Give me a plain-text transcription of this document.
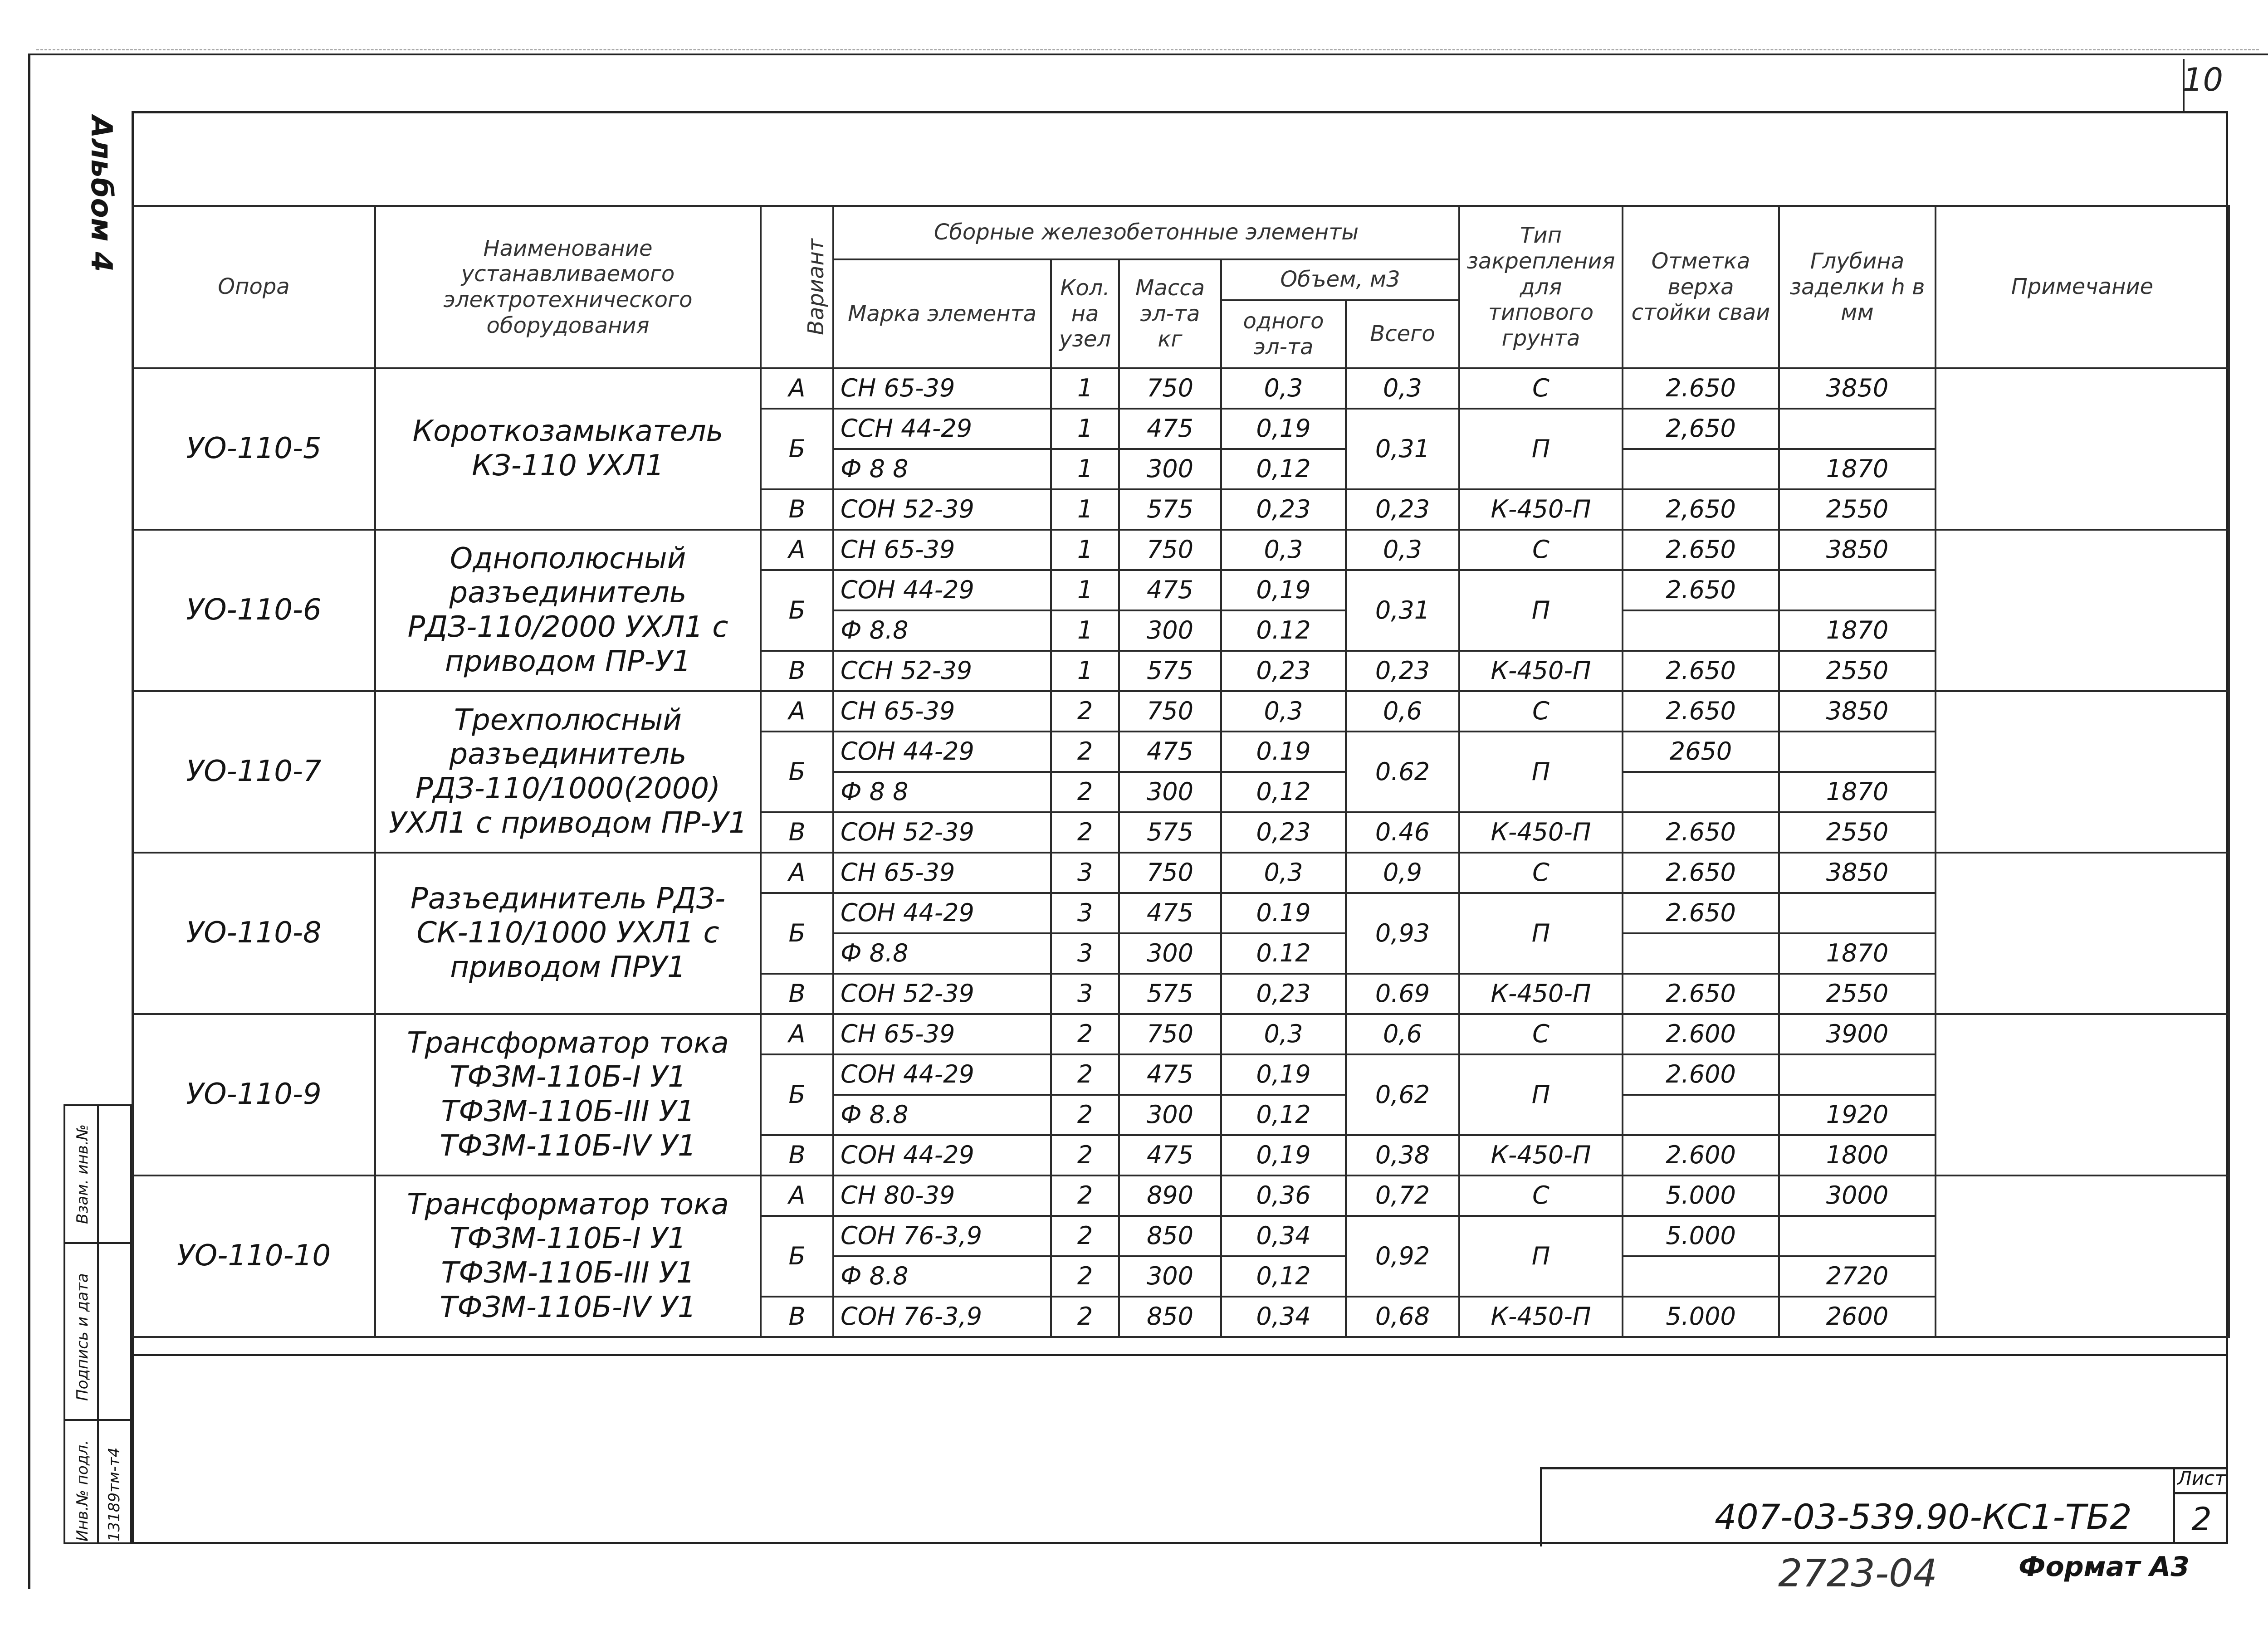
10
Альбом 4
Опора	Наименование устанавливаемого электротехнического оборудования	Вариант	Сборные железобетонные элементы					Тип закрепления для типового грунта	Отметка верха стойки сваи	Глубина заделки h в мм	Примечание
			Марка элемента	Кол. на узел	Масса эл-та кг	Объем, м3					
						одного эл-та	Всего				
УО-110-5	Короткозамыкатель КЗ-110 УХЛ1	А	СН 65-39	1	750	0,3	0,3	С	2.650	3850	
		Б	ССН 44-29	1	475	0,19	0,31	П	2,650		
			Ф 8 8	1	300	0,12				1870	
		В	СОН 52-39	1	575	0,23	0,23	К-450-П	2,650	2550	
УО-110-6	Однополюсный разъединитель РДЗ-110/2000 УХЛ1 с приводом ПР-У1	А	СН 65-39	1	750	0,3	0,3	С	2.650	3850	
		Б	СОН 44-29	1	475	0,19	0,31	П	2.650		
			Ф 8.8	1	300	0.12				1870	
		В	ССН 52-39	1	575	0,23	0,23	К-450-П	2.650	2550	
УО-110-7	Трехполюсный разъединитель РДЗ-110/1000(2000) УХЛ1 с приводом ПР-У1	А	СН 65-39	2	750	0,3	0,6	С	2.650	3850	
		Б	СОН 44-29	2	475	0.19	0.62	П	2650		
			Ф 8 8	2	300	0,12				1870	
		В	СОН 52-39	2	575	0,23	0.46	К-450-П	2.650	2550	
УО-110-8	Разъединитель РДЗ-СК-110/1000 УХЛ1 с приводом ПРУ1	А	СН 65-39	3	750	0,3	0,9	С	2.650	3850	
		Б	СОН 44-29	3	475	0.19	0,93	П	2.650		
			Ф 8.8	3	300	0.12				1870	
		В	СОН 52-39	3	575	0,23	0.69	К-450-П	2.650	2550	
УО-110-9	Трансформатор тока ТФЗМ-110Б-I У1 ТФЗМ-110Б-III У1 ТФЗМ-110Б-IV У1	А	СН 65-39	2	750	0,3	0,6	С	2.600	3900	
		Б	СОН 44-29	2	475	0,19	0,62	П	2.600		
			Ф 8.8	2	300	0,12				1920	
		В	СОН 44-29	2	475	0,19	0,38	К-450-П	2.600	1800	
УО-110-10	Трансформатор тока ТФЗМ-110Б-I У1 ТФЗМ-110Б-III У1 ТФЗМ-110Б-IV У1	А	СН 80-39	2	890	0,36	0,72	С	5.000	3000	
		Б	СОН 76-3,9	2	850	0,34	0,92	П	5.000		
			Ф 8.8	2	300	0,12				2720	
		В	СОН 76-3,9	2	850	0,34	0,68	К-450-П	5.000	2600	
407-03-539.90-КС1-ТБ2
Лист
2
2723-04	Формат А3
Инв.№ подл.
Подпись и дата
Взам. инв.№
13189тм-т4
